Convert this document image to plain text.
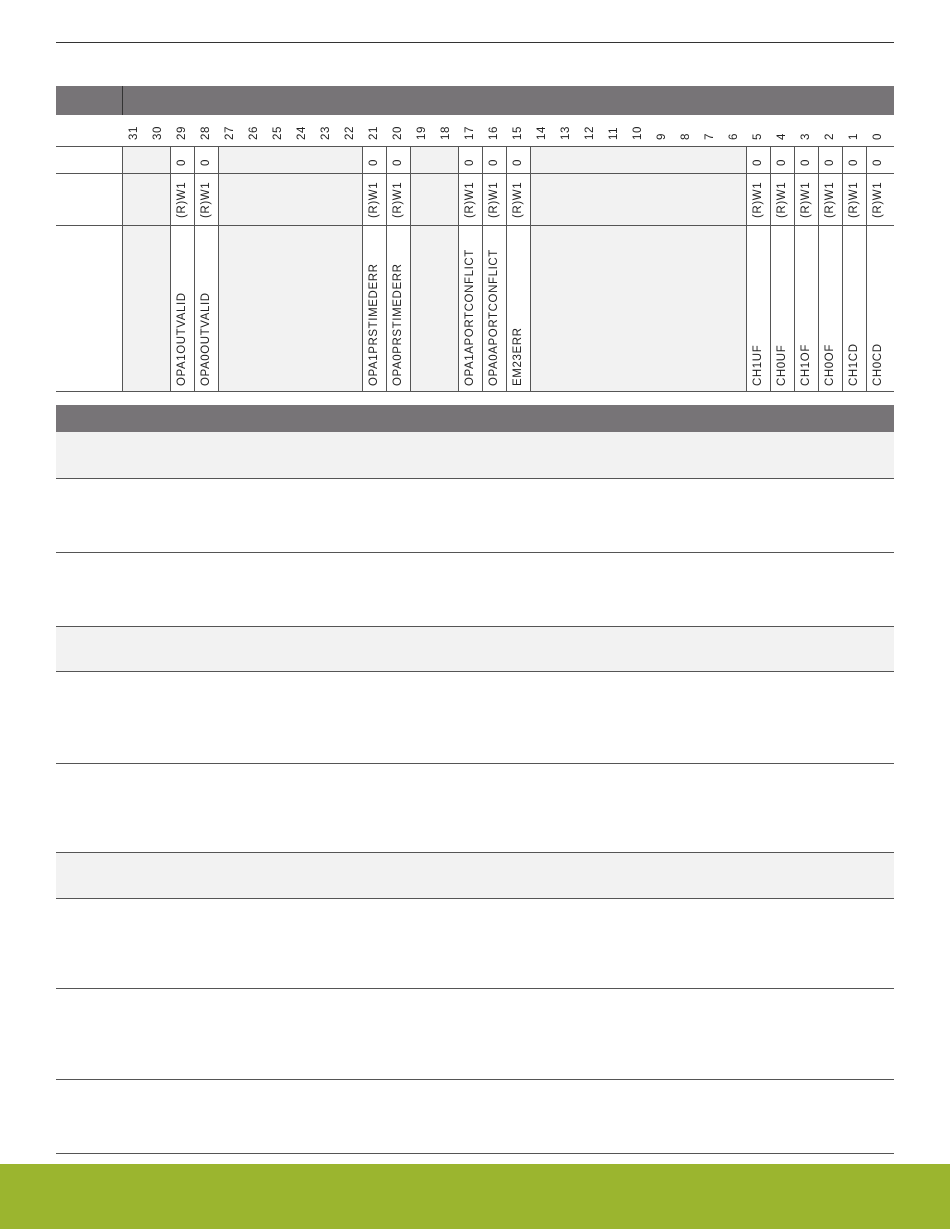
31 30 29 28 27 26 25 24 23 22 21 20 19 18 17 16 15 14 13 12 11 10 9 8 7 6 5 4 3 2 1 0
0
(R)W1
OPA1OUTVALID
0
(R)W1
OPA0OUTVALID
0
(R)W1
OPA1PRSTIMEDERR
0
(R)W1
OPA0PRSTIMEDERR
0
(R)W1
OPA1APORTCONFLICT
0
(R)W1
OPA0APORTCONFLICT
0
(R)W1
EM23ERR
0
(R)W1
CH1UF
0
(R)W1
CH0UF
0
(R)W1
CH1OF
0
(R)W1
CH0OF
0
(R)W1
CH1CD
0
(R)W1
CH0CD
